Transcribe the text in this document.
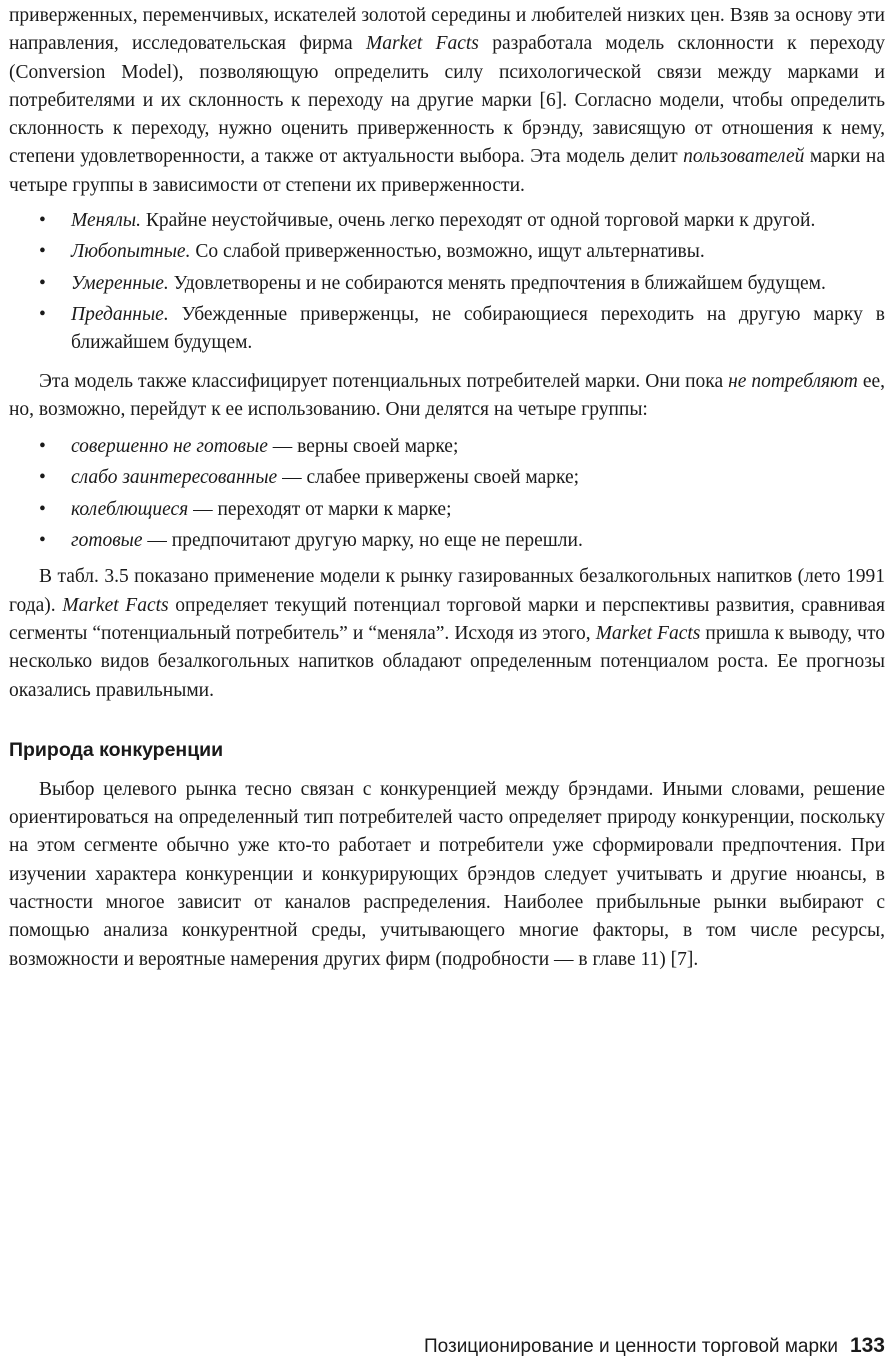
приверженных, переменчивых, искателей золотой середины и любителей низких цен. Взяв за основу эти направления, исследовательская фирма Market Facts разработала модель склонности к переходу (Conversion Model), позволяющую определить силу психологической связи между марками и потребителями и их склонность к переходу на другие марки [6]. Согласно модели, чтобы определить склонность к переходу, нужно оценить приверженность к брэнду, зависящую от отношения к нему, степени удовлетворенности, а также от актуальности выбора. Эта модель делит пользователей марки на четыре группы в зависимости от степени их приверженности.

• Менялы. Крайне неустойчивые, очень легко переходят от одной торговой марки к другой.
• Любопытные. Со слабой приверженностью, возможно, ищут альтернативы.
• Умеренные. Удовлетворены и не собираются менять предпочтения в ближайшем будущем.
• Преданные. Убежденные приверженцы, не собирающиеся переходить на другую марку в ближайшем будущем.

Эта модель также классифицирует потенциальных потребителей марки. Они пока не потребляют ее, но, возможно, перейдут к ее использованию. Они делятся на четыре группы:

• совершенно не готовые — верны своей марке;
• слабо заинтересованные — слабее привержены своей марке;
• колеблющиеся — переходят от марки к марке;
• готовые — предпочитают другую марку, но еще не перешли.

В табл. 3.5 показано применение модели к рынку газированных безалкогольных напитков (лето 1991 года). Market Facts определяет текущий потенциал торговой марки и перспективы развития, сравнивая сегменты “потенциальный потребитель” и “меняла”. Исходя из этого, Market Facts пришла к выводу, что несколько видов безалкогольных напитков обладают определенным потенциалом роста. Ее прогнозы оказались правильными.

Природа конкуренции

Выбор целевого рынка тесно связан с конкуренцией между брэндами. Иными словами, решение ориентироваться на определенный тип потребителей часто определяет природу конкуренции, поскольку на этом сегменте обычно уже кто-то работает и потребители уже сформировали предпочтения. При изучении характера конкуренции и конкурирующих брэндов следует учитывать и другие нюансы, в частности многое зависит от каналов распределения. Наиболее прибыльные рынки выбирают с помощью анализа конкурентной среды, учитывающего многие факторы, в том числе ресурсы, возможности и вероятные намерения других фирм (подробности — в главе 11) [7].

Позиционирование и ценности торговой марки 133
